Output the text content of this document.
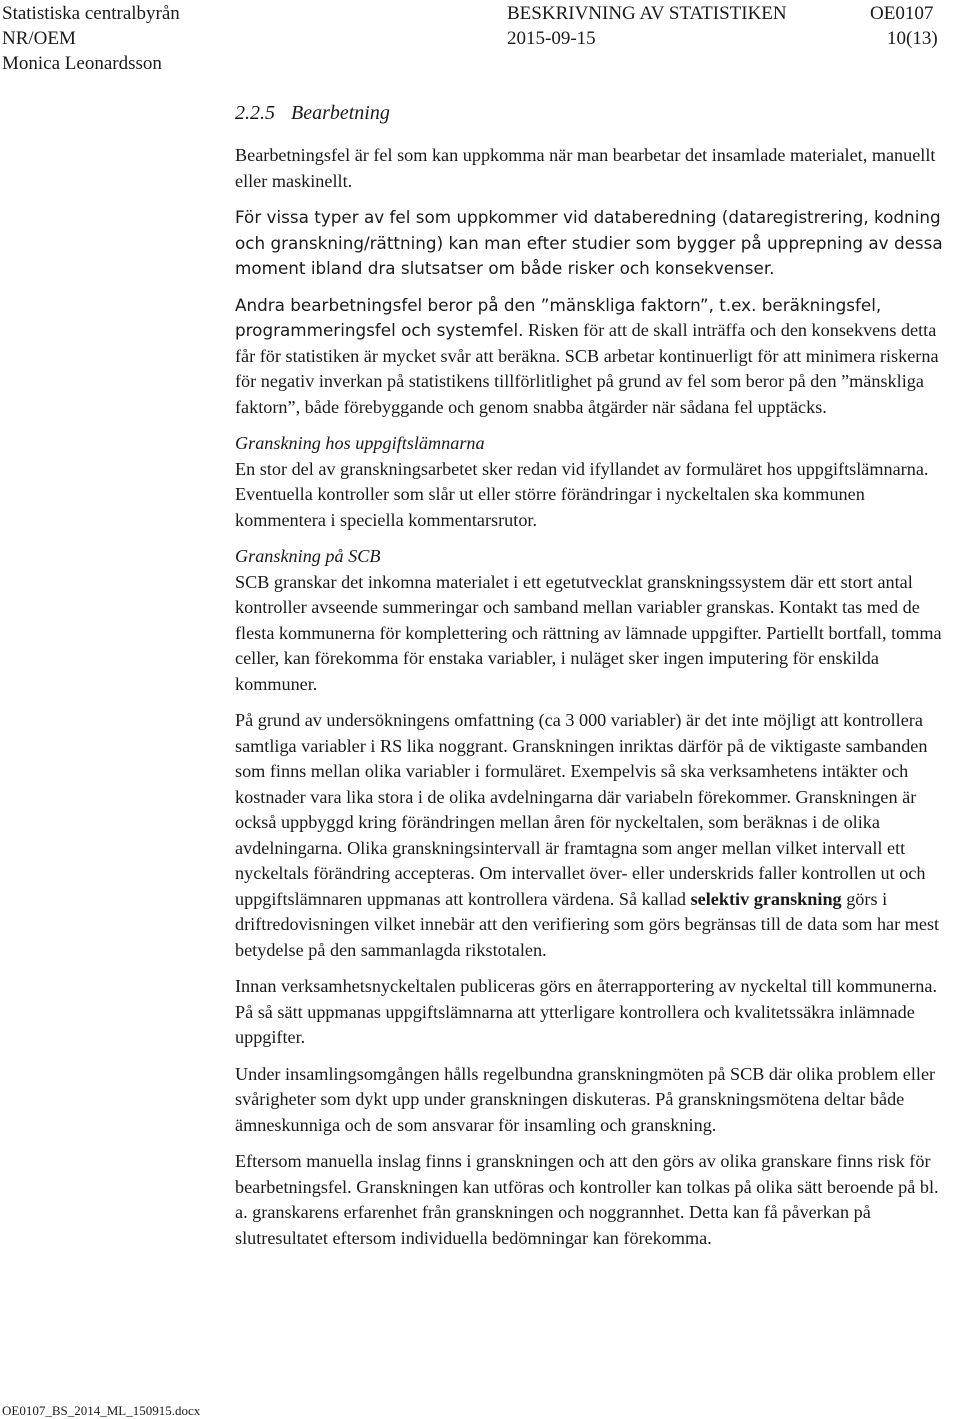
Statistiska centralbyrån	BESKRIVNING AV STATISTIKEN	OE0107
NR/OEM	2015-09-15	10(13)
Monica Leonardsson
2.2.5 Bearbetning

Bearbetningsfel är fel som kan uppkomma när man bearbetar det insamlade materialet, manuellt eller maskinellt.

För vissa typer av fel som uppkommer vid databeredning (dataregistrering, kodning och granskning/rättning) kan man efter studier som bygger på upprepning av dessa moment ibland dra slutsatser om både risker och konsekvenser.

Andra bearbetningsfel beror på den ”mänskliga faktorn”, t.ex. beräkningsfel, programmeringsfel och systemfel. Risken för att de skall inträffa och den konsekvens detta får för statistiken är mycket svår att beräkna. SCB arbetar kontinuerligt för att minimera riskerna för negativ inverkan på statistikens tillförlitlighet på grund av fel som beror på den ”mänskliga faktorn”, både förebyggande och genom snabba åtgärder när sådana fel upptäcks.

Granskning hos uppgiftslämnarna
En stor del av granskningsarbetet sker redan vid ifyllandet av formuläret hos uppgiftslämnarna. Eventuella kontroller som slår ut eller större förändringar i nyckeltalen ska kommunen kommentera i speciella kommentarsrutor.

Granskning på SCB
SCB granskar det inkomna materialet i ett egetutvecklat granskningssystem där ett stort antal kontroller avseende summeringar och samband mellan variabler granskas. Kontakt tas med de flesta kommunerna för komplettering och rättning av lämnade uppgifter. Partiellt bortfall, tomma celler, kan förekomma för enstaka variabler, i nuläget sker ingen imputering för enskilda kommuner.

På grund av undersökningens omfattning (ca 3 000 variabler) är det inte möjligt att kontrollera samtliga variabler i RS lika noggrant. Granskningen inriktas därför på de viktigaste sambanden som finns mellan olika variabler i formuläret. Exempelvis så ska verksamhetens intäkter och kostnader vara lika stora i de olika avdelningarna där variabeln förekommer. Granskningen är också uppbyggd kring förändringen mellan åren för nyckeltalen, som beräknas i de olika avdelningarna. Olika granskningsintervall är framtagna som anger mellan vilket intervall ett nyckeltals förändring accepteras. Om intervallet över- eller underskrids faller kontrollen ut och uppgiftslämnaren uppmanas att kontrollera värdena. Så kallad selektiv granskning görs i driftredovisningen vilket innebär att den verifiering som görs begränsas till de data som har mest betydelse på den sammanlagda rikstotalen.

Innan verksamhetsnyckeltalen publiceras görs en återrapportering av nyckeltal till kommunerna. På så sätt uppmanas uppgiftslämnarna att ytterligare kontrollera och kvalitetssäkra inlämnade uppgifter.

Under insamlingsomgången hålls regelbundna granskningmöten på SCB där olika problem eller svårigheter som dykt upp under granskningen diskuteras. På granskningsmötena deltar både ämneskunniga och de som ansvarar för insamling och granskning.

Eftersom manuella inslag finns i granskningen och att den görs av olika granskare finns risk för bearbetningsfel. Granskningen kan utföras och kontroller kan tolkas på olika sätt beroende på bl. a. granskarens erfarenhet från granskningen och noggrannhet. Detta kan få påverkan på slutresultatet eftersom individuella bedömningar kan förekomma.

OE0107_BS_2014_ML_150915.docx
